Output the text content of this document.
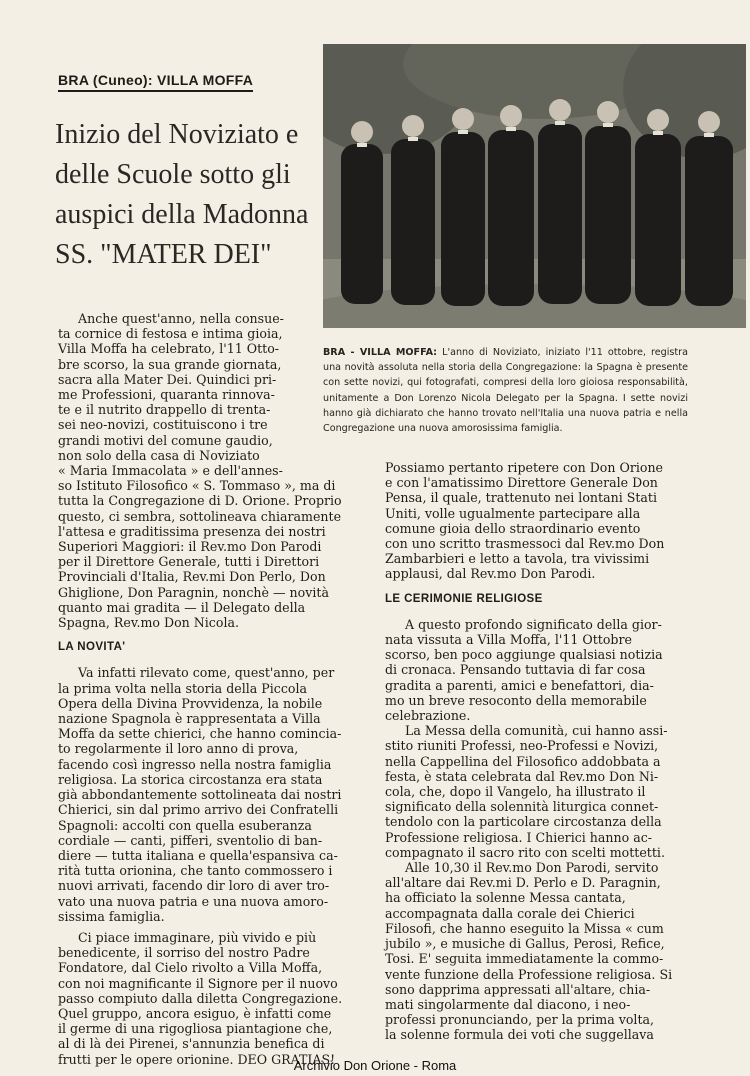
BRA (Cuneo): VILLA MOFFA
Inizio del Noviziato e
delle Scuole sotto gli
auspici della Madonna
SS. "MATER DEI"

BRA - VILLA MOFFA: L'anno di Noviziato, iniziato l'11 ottobre, registra una novità assoluta nella storia della Congregazione: la Spagna è presente con sette novizi, qui fotografati, compresi della loro gioiosa responsabilità, unitamente a Don Lorenzo Nicola Delegato per la Spagna. I sette novizi hanno già dichiarato che hanno trovato nell'Italia una nuova patria e nella Congregazione una nuova amorosissima famiglia.

Anche quest'anno, nella consue-
ta cornice di festosa e intima gioia,
Villa Moffa ha celebrato, l'11 Otto-
bre scorso, la sua grande giornata,
sacra alla Mater Dei. Quindici pri-
me Professioni, quaranta rinnova-
te e il nutrito drappello di trenta-
sei neo-novizi, costituiscono i tre
grandi motivi del comune gaudio,
non solo della casa di Noviziato
« Maria Immacolata » e dell'annes-
so Istituto Filosofico « S. Tommaso », ma di
tutta la Congregazione di D. Orione. Proprio
questo, ci sembra, sottolineava chiaramente
l'attesa e graditissima presenza dei nostri
Superiori Maggiori: il Rev.mo Don Parodi
per il Direttore Generale, tutti i Direttori
Provinciali d'Italia, Rev.mi Don Perlo, Don
Ghiglione, Don Paragnin, nonchè — novità
quanto mai gradita — il Delegato della
Spagna, Rev.mo Don Nicola.

LA NOVITA'

Va infatti rilevato come, quest'anno, per
la prima volta nella storia della Piccola
Opera della Divina Provvidenza, la nobile
nazione Spagnola è rappresentata a Villa
Moffa da sette chierici, che hanno comincia-
to regolarmente il loro anno di prova,
facendo così ingresso nella nostra famiglia
religiosa. La storica circostanza era stata
già abbondantemente sottolineata dai nostri
Chierici, sin dal primo arrivo dei Confratelli
Spagnoli: accolti con quella esuberanza
cordiale — canti, pifferi, sventolio di ban-
diere — tutta italiana e quella'espansiva ca-
rità tutta orionina, che tanto commossero i
nuovi arrivati, facendo dir loro di aver tro-
vato una nuova patria e una nuova amoro-
sissima famiglia.

Ci piace immaginare, più vivido e più
benedicente, il sorriso del nostro Padre
Fondatore, dal Cielo rivolto a Villa Moffa,
con noi magnificante il Signore per il nuovo
passo compiuto dalla diletta Congregazione.
Quel gruppo, ancora esiguo, è infatti come
il germe di una rigogliosa piantagione che,
al di là dei Pirenei, s'annunzia benefica di
frutti per le opere orionine. DEO GRATIAS!

Possiamo pertanto ripetere con Don Orione
e con l'amatissimo Direttore Generale Don
Pensa, il quale, trattenuto nei lontani Stati
Uniti, volle ugualmente partecipare alla
comune gioia dello straordinario evento
con uno scritto trasmessoci dal Rev.mo Don
Zambarbieri e letto a tavola, tra vivissimi
applausi, dal Rev.mo Don Parodi.

LE CERIMONIE RELIGIOSE

A questo profondo significato della gior-
nata vissuta a Villa Moffa, l'11 Ottobre
scorso, ben poco aggiunge qualsiasi notizia
di cronaca. Pensando tuttavia di far cosa
gradita a parenti, amici e benefattori, dia-
mo un breve resoconto della memorabile
celebrazione.

La Messa della comunità, cui hanno assi-
stito riuniti Professi, neo-Professi e Novizi,
nella Cappellina del Filosofico addobbata a
festa, è stata celebrata dal Rev.mo Don Ni-
cola, che, dopo il Vangelo, ha illustrato il
significato della solennità liturgica connet-
tendolo con la particolare circostanza della
Professione religiosa. I Chierici hanno ac-
compagnato il sacro rito con scelti mottetti.

Alle 10,30 il Rev.mo Don Parodi, servito
all'altare dai Rev.mi D. Perlo e D. Paragnin,
ha officiato la solenne Messa cantata,
accompagnata dalla corale dei Chierici
Filosofi, che hanno eseguito la Missa « cum
jubilo », e musiche di Gallus, Perosi, Refice,
Tosi. E' seguita immediatamente la commo-
vente funzione della Professione religiosa. Si
sono dapprima appressati all'altare, chia-
mati singolarmente dal diacono, i neo-
professi pronunciando, per la prima volta,
la solenne formula dei voti che suggellava

Archivio Don Orione - Roma
